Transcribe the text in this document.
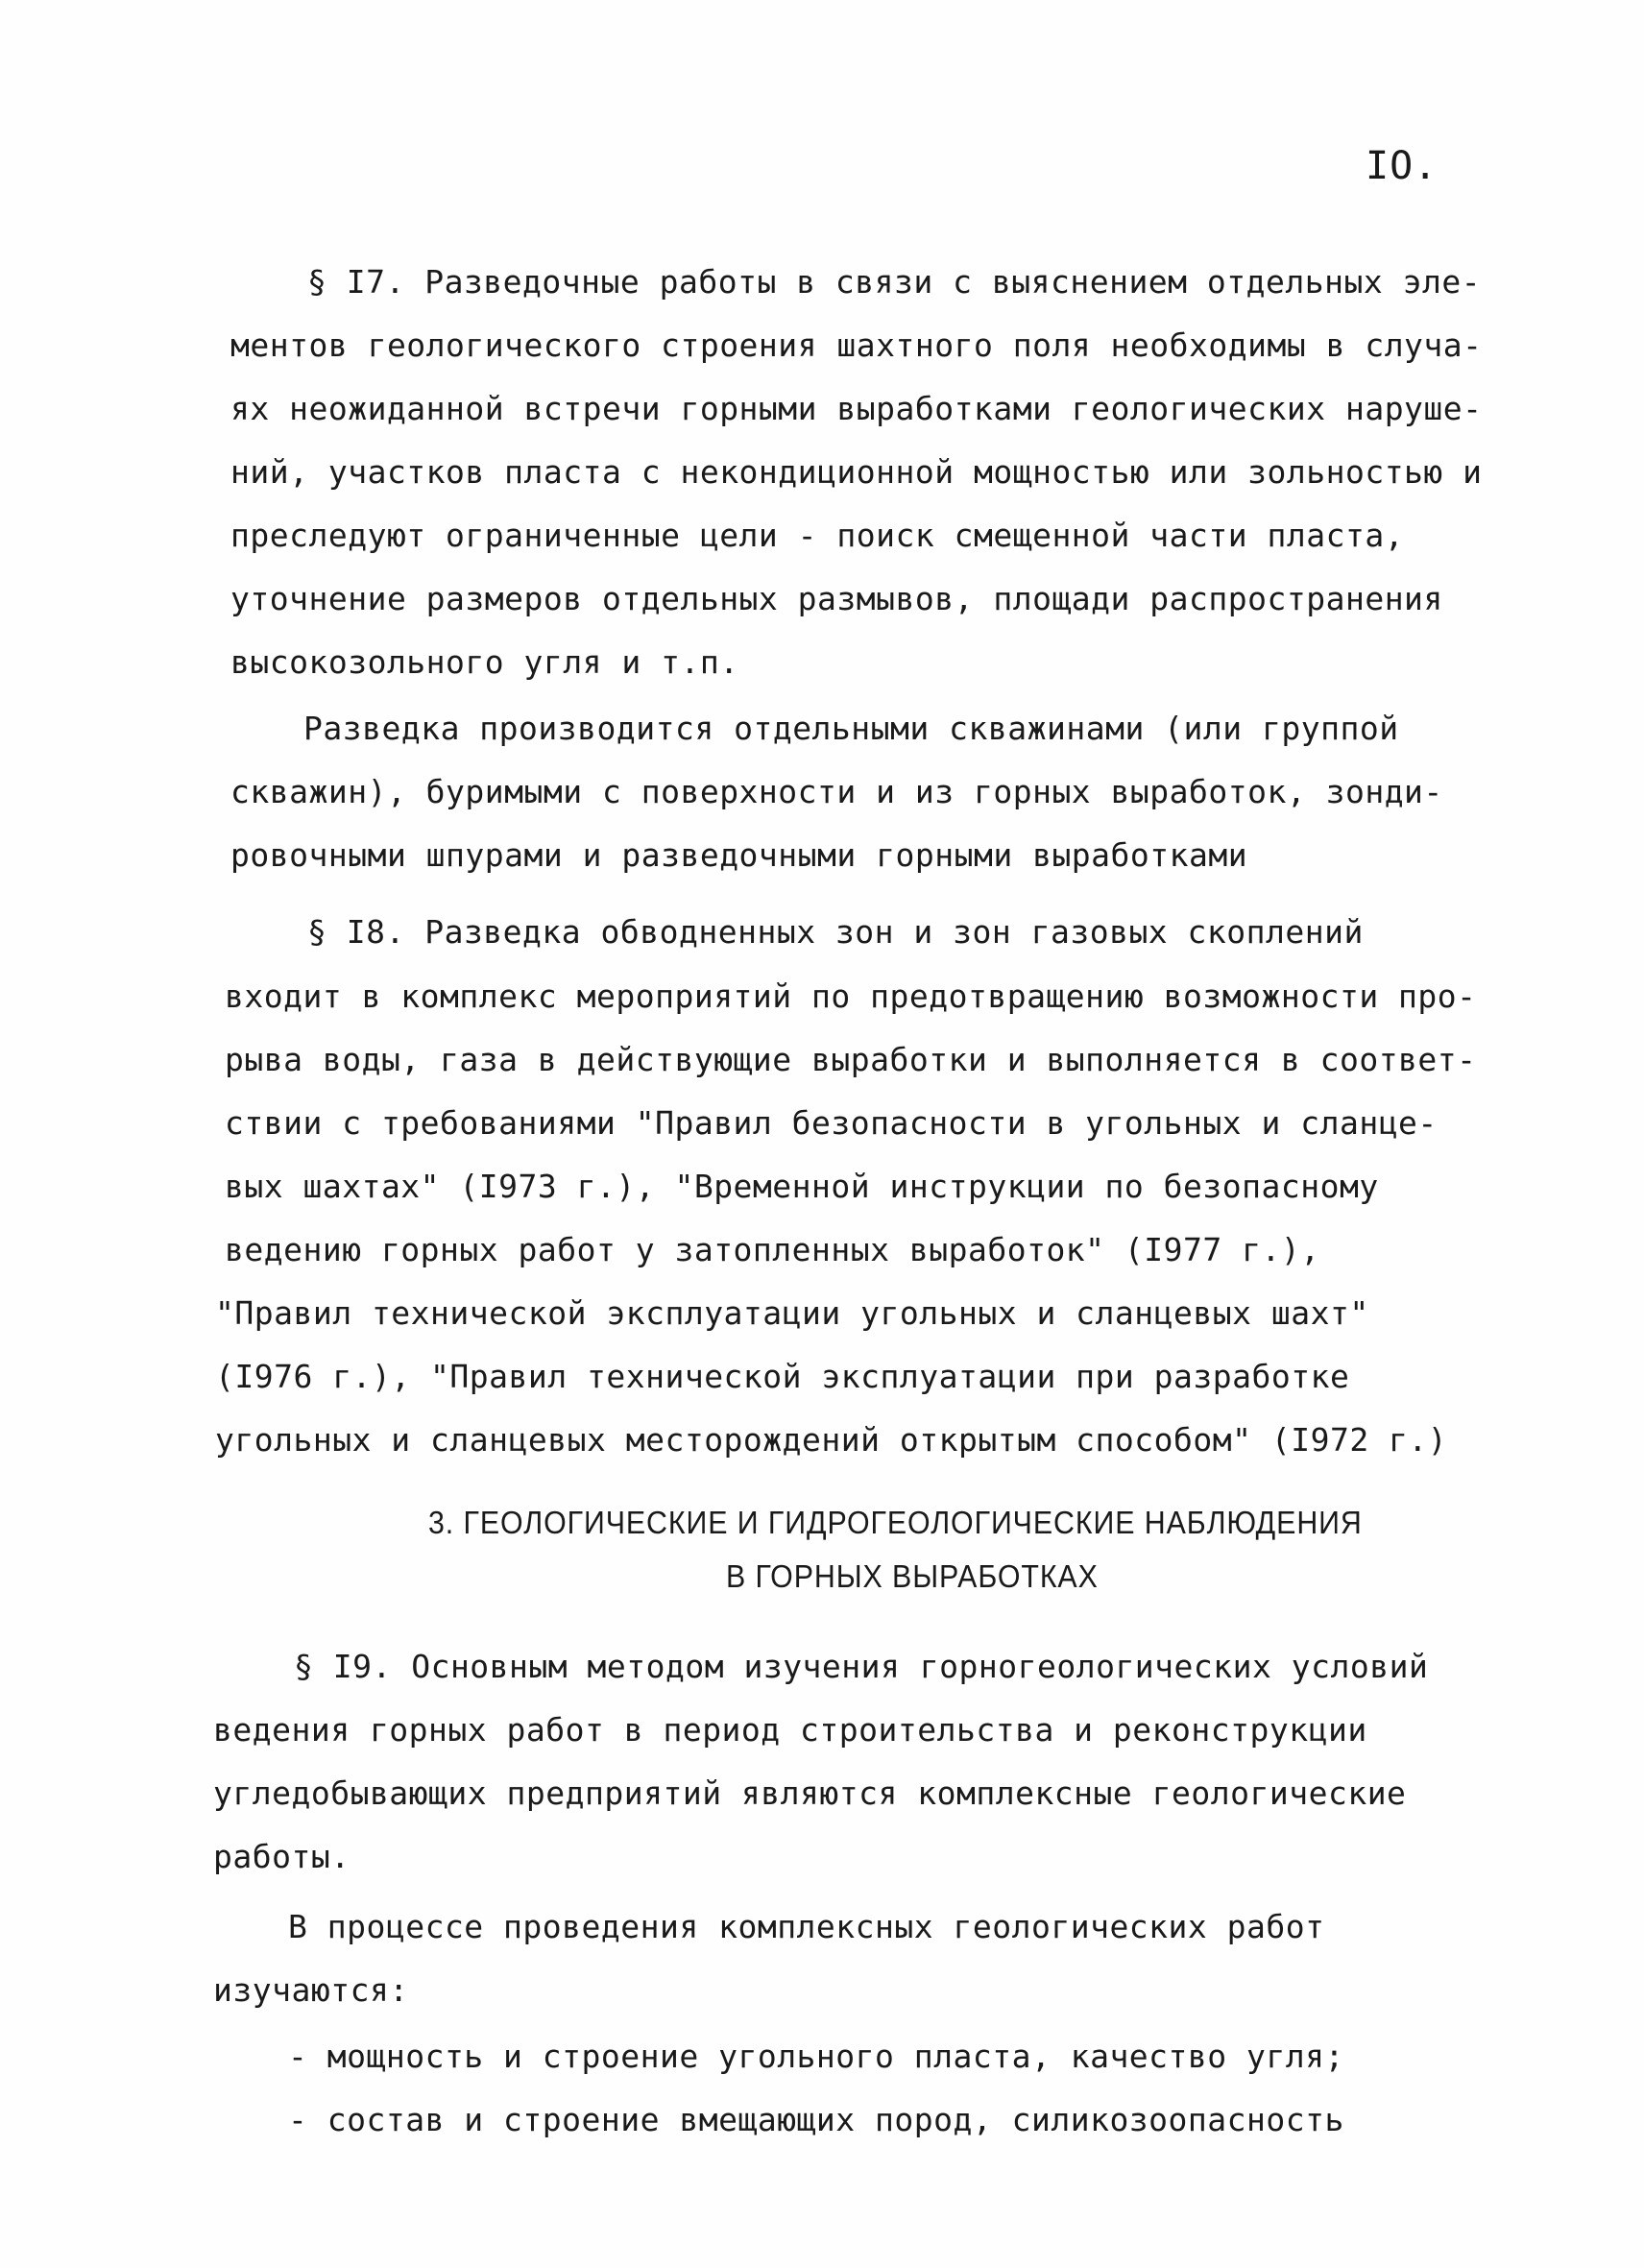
IO.
§ I7. Разведочные работы в связи с выяснением отдельных эле-
ментов геологического строения шахтного поля необходимы в случа-
ях неожиданной встречи горными выработками геологических наруше-
ний, участков пласта с некондиционной мощностью или зольностью и
преследуют ограниченные цели - поиск смещенной части пласта,
уточнение размеров отдельных размывов, площади распространения
высокозольного угля и т.п.
Разведка производится отдельными скважинами (или группой
скважин), буримыми с поверхности и из горных выработок, зонди-
ровочными шпурами и разведочными горными выработками
§ I8. Разведка обводненных зон и зон газовых скоплений
входит в комплекс мероприятий по предотвращению возможности про-
рыва воды, газа в действующие выработки и выполняется в соответ-
ствии с требованиями "Правил безопасности в угольных и сланце-
вых шахтах" (I973 г.), "Временной инструкции по безопасному
ведению горных работ у затопленных выработок" (I977 г.),
"Правил технической эксплуатации угольных и сланцевых шахт"
(I976 г.), "Правил технической эксплуатации при разработке
угольных и сланцевых месторождений открытым способом" (I972 г.)
3. ГЕОЛОГИЧЕСКИЕ И ГИДРОГЕОЛОГИЧЕСКИЕ НАБЛЮДЕНИЯ
В ГОРНЫХ ВЫРАБОТКАХ
§ I9. Основным методом изучения горногеологических условий
ведения горных работ в период строительства и реконструкции
угледобывающих предприятий являются комплексные геологические
работы.
В процессе проведения комплексных геологических работ
изучаются:
- мощность и строение угольного пласта, качество угля;
- состав и строение вмещающих пород, силикозоопасность
